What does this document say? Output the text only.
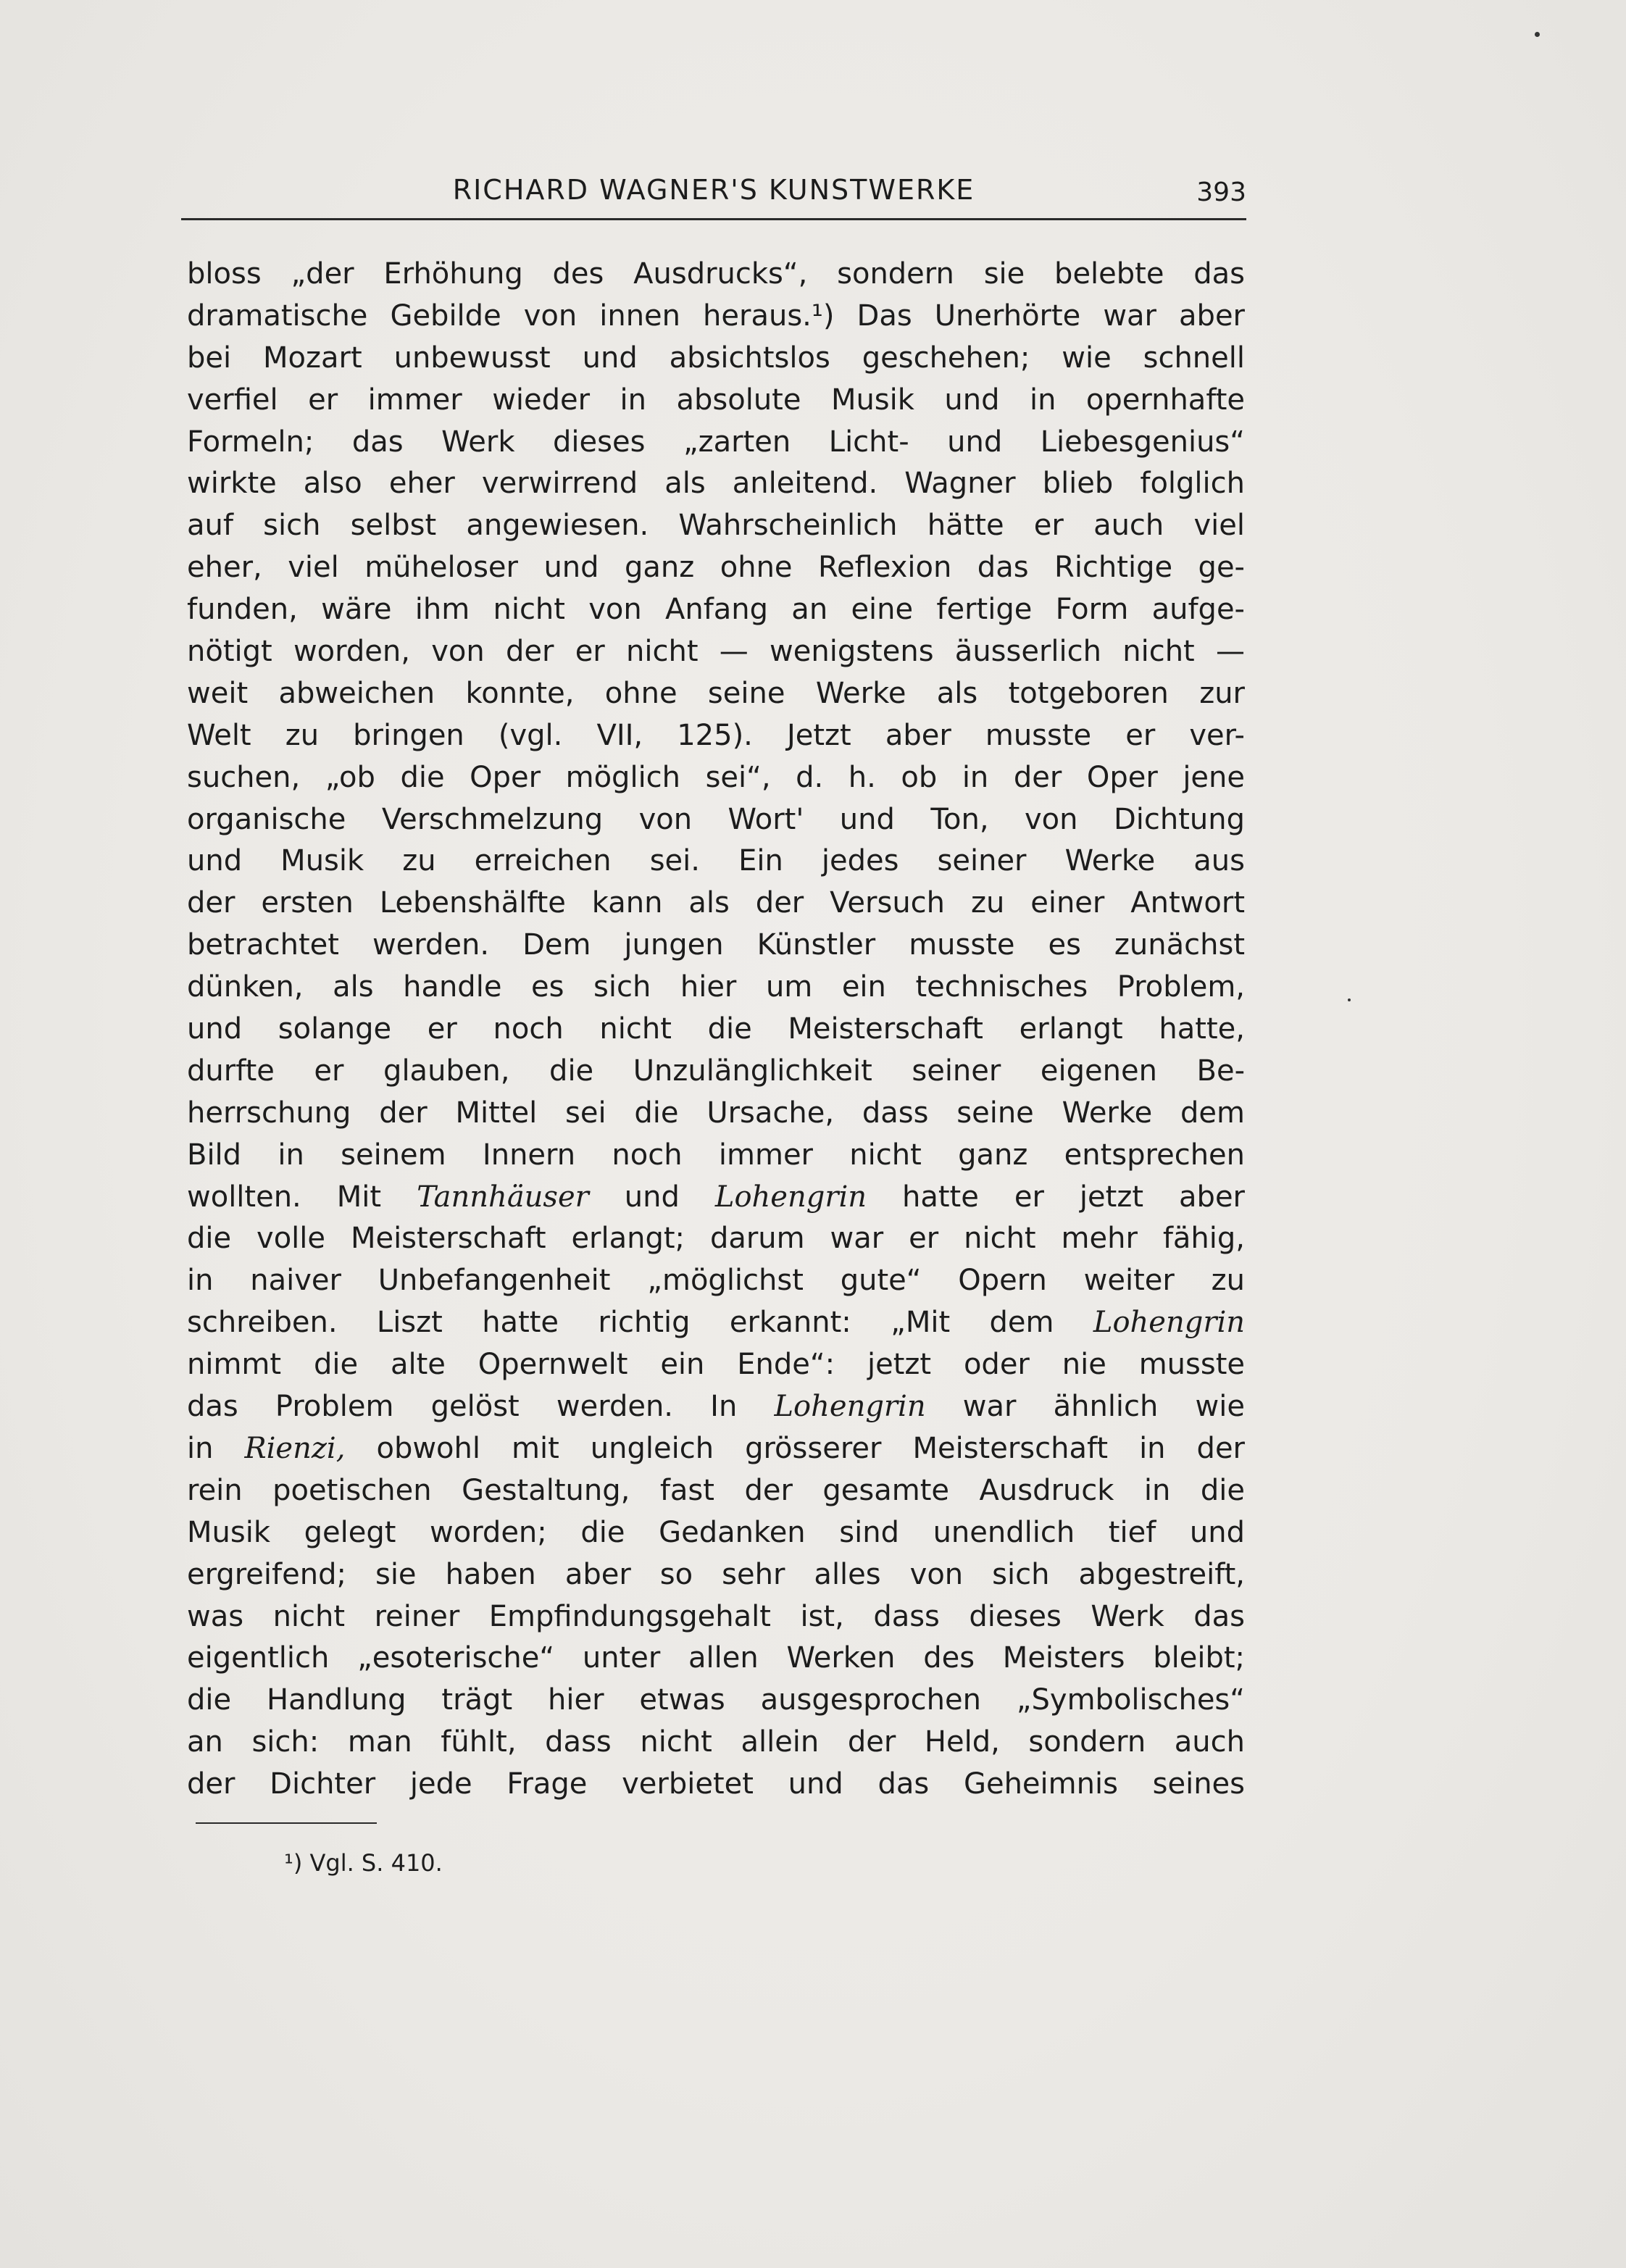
RICHARD WAGNER'S KUNSTWERKE	393
bloss „der Erhöhung des Ausdrucks“, sondern sie belebte das
dramatische Gebilde von innen heraus.¹) Das Unerhörte war aber
bei Mozart unbewusst und absichtslos geschehen; wie schnell
verfiel er immer wieder in absolute Musik und in opernhafte
Formeln; das Werk dieses „zarten Licht- und Liebesgenius“
wirkte also eher verwirrend als anleitend. Wagner blieb folglich
auf sich selbst angewiesen. Wahrscheinlich hätte er auch viel
eher, viel müheloser und ganz ohne Reflexion das Richtige ge-
funden, wäre ihm nicht von Anfang an eine fertige Form aufge-
nötigt worden, von der er nicht — wenigstens äusserlich nicht —
weit abweichen konnte, ohne seine Werke als totgeboren zur
Welt zu bringen (vgl. VII, 125). Jetzt aber musste er ver-
suchen, „ob die Oper möglich sei“, d. h. ob in der Oper jene
organische Verschmelzung von Wort' und Ton, von Dichtung
und Musik zu erreichen sei. Ein jedes seiner Werke aus
der ersten Lebenshälfte kann als der Versuch zu einer Antwort
betrachtet werden. Dem jungen Künstler musste es zunächst
dünken, als handle es sich hier um ein technisches Problem,
und solange er noch nicht die Meisterschaft erlangt hatte,
durfte er glauben, die Unzulänglichkeit seiner eigenen Be-
herrschung der Mittel sei die Ursache, dass seine Werke dem
Bild in seinem Innern noch immer nicht ganz entsprechen
wollten. Mit Tannhäuser und Lohengrin hatte er jetzt aber
die volle Meisterschaft erlangt; darum war er nicht mehr fähig,
in naiver Unbefangenheit „möglichst gute“ Opern weiter zu
schreiben. Liszt hatte richtig erkannt: „Mit dem Lohengrin
nimmt die alte Opernwelt ein Ende“: jetzt oder nie musste
das Problem gelöst werden. In Lohengrin war ähnlich wie
in Rienzi, obwohl mit ungleich grösserer Meisterschaft in der
rein poetischen Gestaltung, fast der gesamte Ausdruck in die
Musik gelegt worden; die Gedanken sind unendlich tief und
ergreifend; sie haben aber so sehr alles von sich abgestreift,
was nicht reiner Empfindungsgehalt ist, dass dieses Werk das
eigentlich „esoterische“ unter allen Werken des Meisters bleibt;
die Handlung trägt hier etwas ausgesprochen „Symbolisches“
an sich: man fühlt, dass nicht allein der Held, sondern auch
der Dichter jede Frage verbietet und das Geheimnis seines
¹) Vgl. S. 410.
